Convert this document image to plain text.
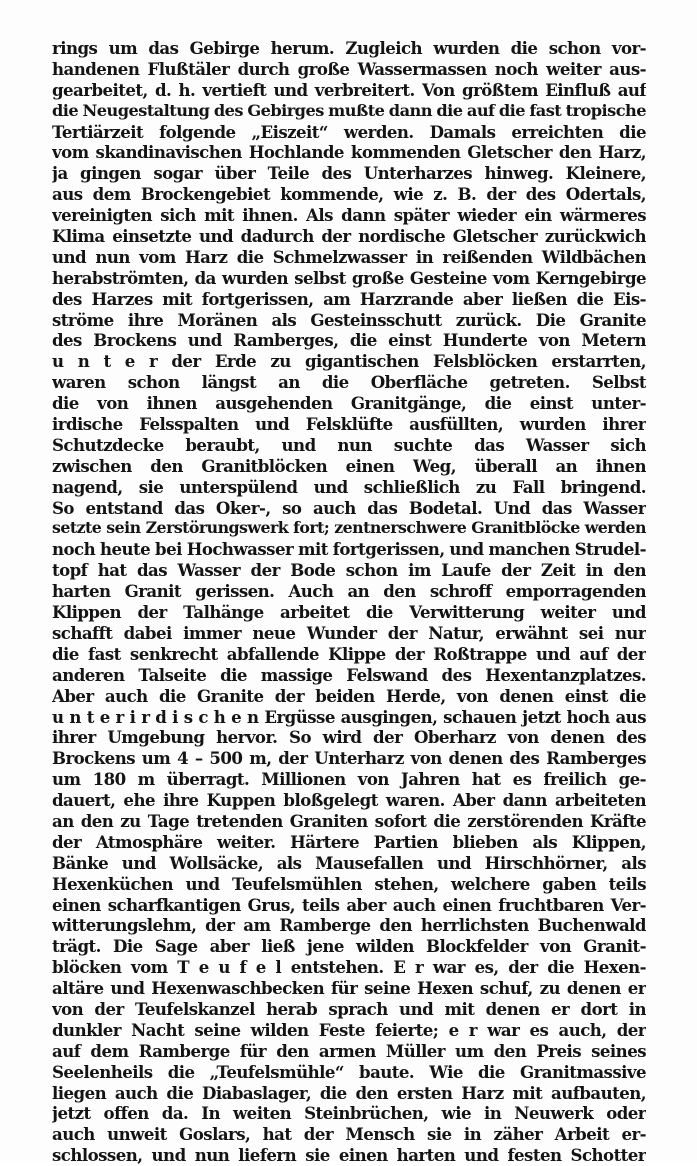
rings um das Gebirge herum. Zugleich wurden die schon vor-
handenen Flußtäler durch große Wassermassen noch weiter aus-
gearbeitet, d. h. vertieft und verbreitert. Von größtem Einfluß auf
die Neugestaltung des Gebirges mußte dann die auf die fast tropische
Tertiärzeit folgende „Eiszeit“ werden. Damals erreichten die
vom skandinavischen Hochlande kommenden Gletscher den Harz,
ja gingen sogar über Teile des Unterharzes hinweg. Kleinere,
aus dem Brockengebiet kommende, wie z. B. der des Odertals,
vereinigten sich mit ihnen. Als dann später wieder ein wärmeres
Klima einsetzte und dadurch der nordische Gletscher zurückwich
und nun vom Harz die Schmelzwasser in reißenden Wildbächen
herabströmten, da wurden selbst große Gesteine vom Kerngebirge
des Harzes mit fortgerissen, am Harzrande aber ließen die Eis-
ströme ihre Moränen als Gesteinsschutt zurück. Die Granite
des Brockens und Ramberges, die einst Hunderte von Metern
u n t e r der Erde zu gigantischen Felsblöcken erstarrten,
waren schon längst an die Oberfläche getreten. Selbst
die von ihnen ausgehenden Granitgänge, die einst unter-
irdische Felsspalten und Felsklüfte ausfüllten, wurden ihrer
Schutzdecke beraubt, und nun suchte das Wasser sich
zwischen den Granitblöcken einen Weg, überall an ihnen
nagend, sie unterspülend und schließlich zu Fall bringend.
So entstand das Oker-, so auch das Bodetal. Und das Wasser
setzte sein Zerstörungswerk fort; zentnerschwere Granitblöcke werden
noch heute bei Hochwasser mit fortgerissen, und manchen Strudel-
topf hat das Wasser der Bode schon im Laufe der Zeit in den
harten Granit gerissen. Auch an den schroff emporragenden
Klippen der Talhänge arbeitet die Verwitterung weiter und
schafft dabei immer neue Wunder der Natur, erwähnt sei nur
die fast senkrecht abfallende Klippe der Roßtrappe und auf der
anderen Talseite die massige Felswand des Hexentanzplatzes.
Aber auch die Granite der beiden Herde, von denen einst die
u n t e r i r d i s c h e n Ergüsse ausgingen, schauen jetzt hoch aus
ihrer Umgebung hervor. So wird der Oberharz von denen des
Brockens um 4 – 500 m, der Unterharz von denen des Ramberges
um 180 m überragt. Millionen von Jahren hat es freilich ge-
dauert, ehe ihre Kuppen bloßgelegt waren. Aber dann arbeiteten
an den zu Tage tretenden Graniten sofort die zerstörenden Kräfte
der Atmosphäre weiter. Härtere Partien blieben als Klippen,
Bänke und Wollsäcke, als Mausefallen und Hirschhörner, als
Hexenküchen und Teufelsmühlen stehen, welchere gaben teils
einen scharfkantigen Grus, teils aber auch einen fruchtbaren Ver-
witterungslehm, der am Ramberge den herrlichsten Buchenwald
trägt. Die Sage aber ließ jene wilden Blockfelder von Granit-
blöcken vom T e u f e l entstehen. E r war es, der die Hexen-
altäre und Hexenwaschbecken für seine Hexen schuf, zu denen er
von der Teufelskanzel herab sprach und mit denen er dort in
dunkler Nacht seine wilden Feste feierte; e r war es auch, der
auf dem Ramberge für den armen Müller um den Preis seines
Seelenheils die „Teufelsmühle“ baute. Wie die Granitmassive
liegen auch die Diabaslager, die den ersten Harz mit aufbauten,
jetzt offen da. In weiten Steinbrüchen, wie in Neuwerk oder
auch unweit Goslars, hat der Mensch sie in zäher Arbeit er-
schlossen, und nun liefern sie einen harten und festen Schotter
